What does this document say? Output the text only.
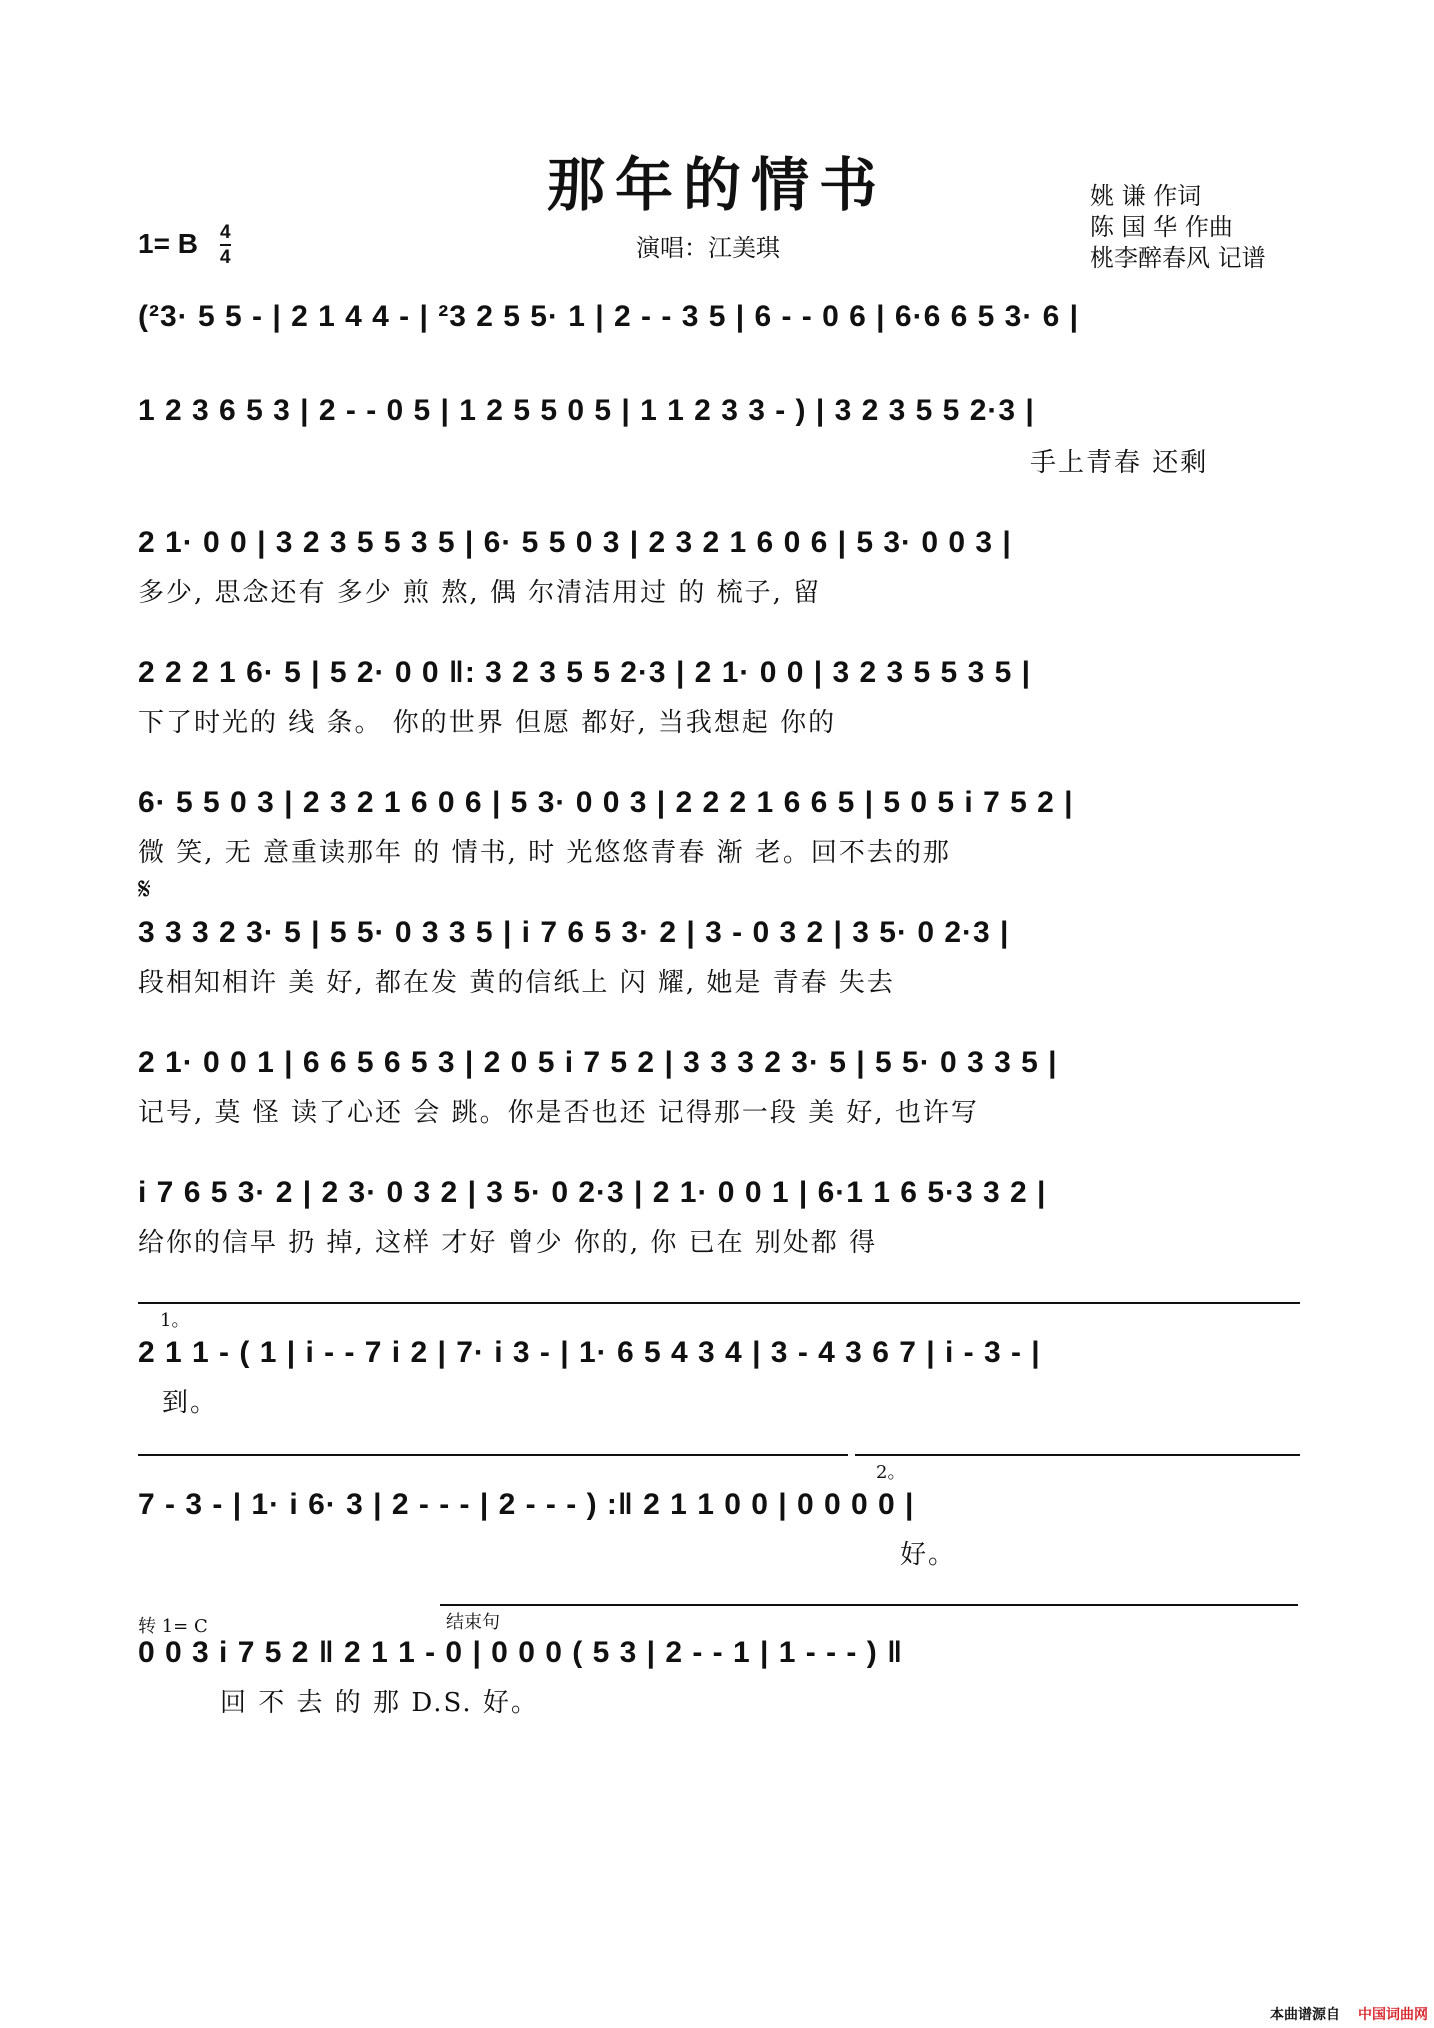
那年的情书	姚 谦 作词
陈 国 华 作曲
桃李醉春风 记谱
1= B 4
4	演唱：江美琪
(²3· 5 5 - | 2 1 4 4 - | ²3 2 5 5· 1 | 2 - - 3 5 | 6 - - 0 6 | 6·6 6 5 3· 6 |
1 2 3 6 5 3 | 2 - - 0 5 | 1 2 5 5 0 5 | 1 1 2 3 3 - ) | 3 2 3 5 5 2·3 |
手上青春 还剩
2 1· 0 0 | 3 2 3 5 5 3 5 | 6· 5 5 0 3 | 2 3 2 1 6 0 6 | 5 3· 0 0 3 |
多少, 思念还有 多少 煎 熬, 偶 尔清洁用过 的 梳子, 留
2 2 2 1 6· 5 | 5 2· 0 0 ‖: 3 2 3 5 5 2·3 | 2 1· 0 0 | 3 2 3 5 5 3 5 |
下了时光的 线 条。 你的世界 但愿 都好, 当我想起 你的
6· 5 5 0 3 | 2 3 2 1 6 0 6 | 5 3· 0 0 3 | 2 2 2 1 6 6 5 | 5 0 5 i 7 5 2 |
微 笑, 无 意重读那年 的 情书, 时 光悠悠青春 渐 老。回不去的那
𝄋
3 3 3 2 3· 5 | 5 5· 0 3 3 5 | i 7 6 5 3· 2 | 3 - 0 3 2 | 3 5· 0 2·3 |
段相知相许 美 好, 都在发 黄的信纸上 闪 耀, 她是 青春 失去
2 1· 0 0 1 | 6 6 5 6 5 3 | 2 0 5 i 7 5 2 | 3 3 3 2 3· 5 | 5 5· 0 3 3 5 |
记号, 莫 怪 读了心还 会 跳。你是否也还 记得那一段 美 好, 也许写
i 7 6 5 3· 2 | 2 3· 0 3 2 | 3 5· 0 2·3 | 2 1· 0 0 1 | 6·1 1 6 5·3 3 2 |
给你的信早 扔 掉, 这样 才好 曾少 你的, 你 已在 别处都 得
1。
2 1 1 - ( 1 | i - - 7 i 2 | 7· i 3 - | 1· 6 5 4 3 4 | 3 - 4 3 6 7 | i - 3 - |
到。
2。
7 - 3 - | 1· i 6· 3 | 2 - - - | 2 - - - ) :‖ 2 1 1 0 0 | 0 0 0 0 |
好。
转 1= C	结束句
0 0 3 i 7 5 2 ‖ 2 1 1 - 0 | 0 0 0 ( 5 3 | 2 - - 1 | 1 - - - ) ‖
回 不 去 的 那 D.S. 好。
本曲谱源自 中国词曲网
